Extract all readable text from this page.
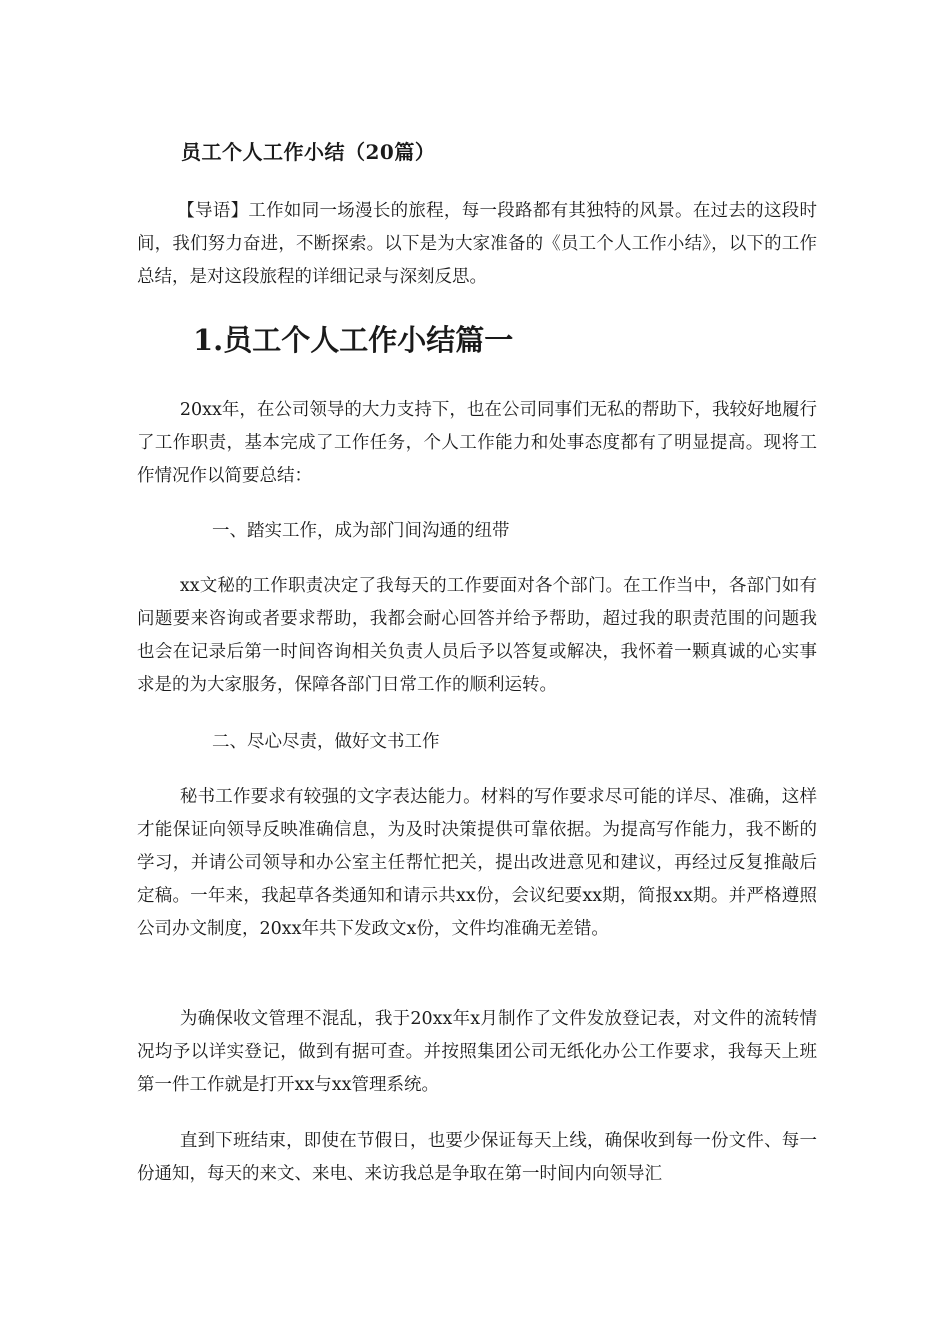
员工个人工作小结（20篇）

【导语】工作如同一场漫长的旅程，每一段路都有其独特的风景。在过去的这段时间，我们努力奋进，不断探索。以下是为大家准备的《员工个人工作小结》，以下的工作总结，是对这段旅程的详细记录与深刻反思。

1.员工个人工作小结篇一

20xx年，在公司领导的大力支持下，也在公司同事们无私的帮助下，我较好地履行了工作职责，基本完成了工作任务，个人工作能力和处事态度都有了明显提高。现将工作情况作以简要总结：

一、踏实工作，成为部门间沟通的纽带

xx文秘的工作职责决定了我每天的工作要面对各个部门。在工作当中，各部门如有问题要来咨询或者要求帮助，我都会耐心回答并给予帮助，超过我的职责范围的问题我也会在记录后第一时间咨询相关负责人员后予以答复或解决，我怀着一颗真诚的心实事求是的为大家服务，保障各部门日常工作的顺利运转。

二、尽心尽责，做好文书工作

秘书工作要求有较强的文字表达能力。材料的写作要求尽可能的详尽、准确，这样才能保证向领导反映准确信息，为及时决策提供可靠依据。为提高写作能力，我不断的学习，并请公司领导和办公室主任帮忙把关，提出改进意见和建议，再经过反复推敲后定稿。一年来，我起草各类通知和请示共xx份，会议纪要xx期，简报xx期。并严格遵照公司办文制度，20xx年共下发政文x份，文件均准确无差错。

为确保收文管理不混乱，我于20xx年x月制作了文件发放登记表，对文件的流转情况均予以详实登记，做到有据可查。并按照集团公司无纸化办公工作要求，我每天上班第一件工作就是打开xx与xx管理系统。

直到下班结束，即使在节假日，也要少保证每天上线，确保收到每一份文件、每一份通知，每天的来文、来电、来访我总是争取在第一时间内向领导汇
